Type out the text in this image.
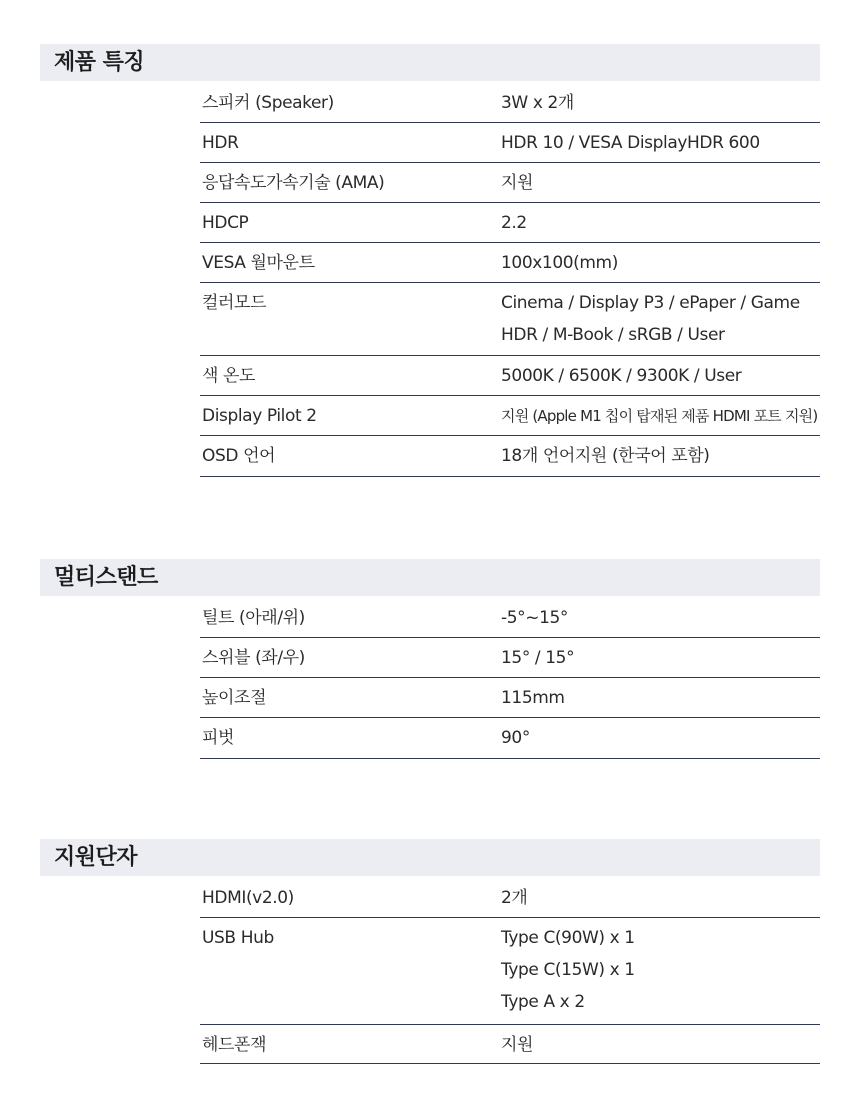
제품 특징
스피커 (Speaker)	3W x 2개
HDR	HDR 10 / VESA DisplayHDR 600
응답속도가속기술 (AMA)	지원
HDCP	2.2
VESA 월마운트	100x100(mm)
컬러모드	Cinema / Display P3 / ePaper / Game
HDR / M-Book / sRGB / User
색 온도	5000K / 6500K / 9300K / User
Display Pilot 2	지원 (Apple M1 칩이 탑재된 제품 HDMI 포트 지원)
OSD 언어	18개 언어지원 (한국어 포함)
멀티스탠드
틸트 (아래/위)	-5°~15°
스위블 (좌/우)	15° / 15°
높이조절	115mm
피벗	90°
지원단자
HDMI(v2.0)	2개
USB Hub	Type C(90W) x 1
Type C(15W) x 1
Type A x 2
헤드폰잭	지원
